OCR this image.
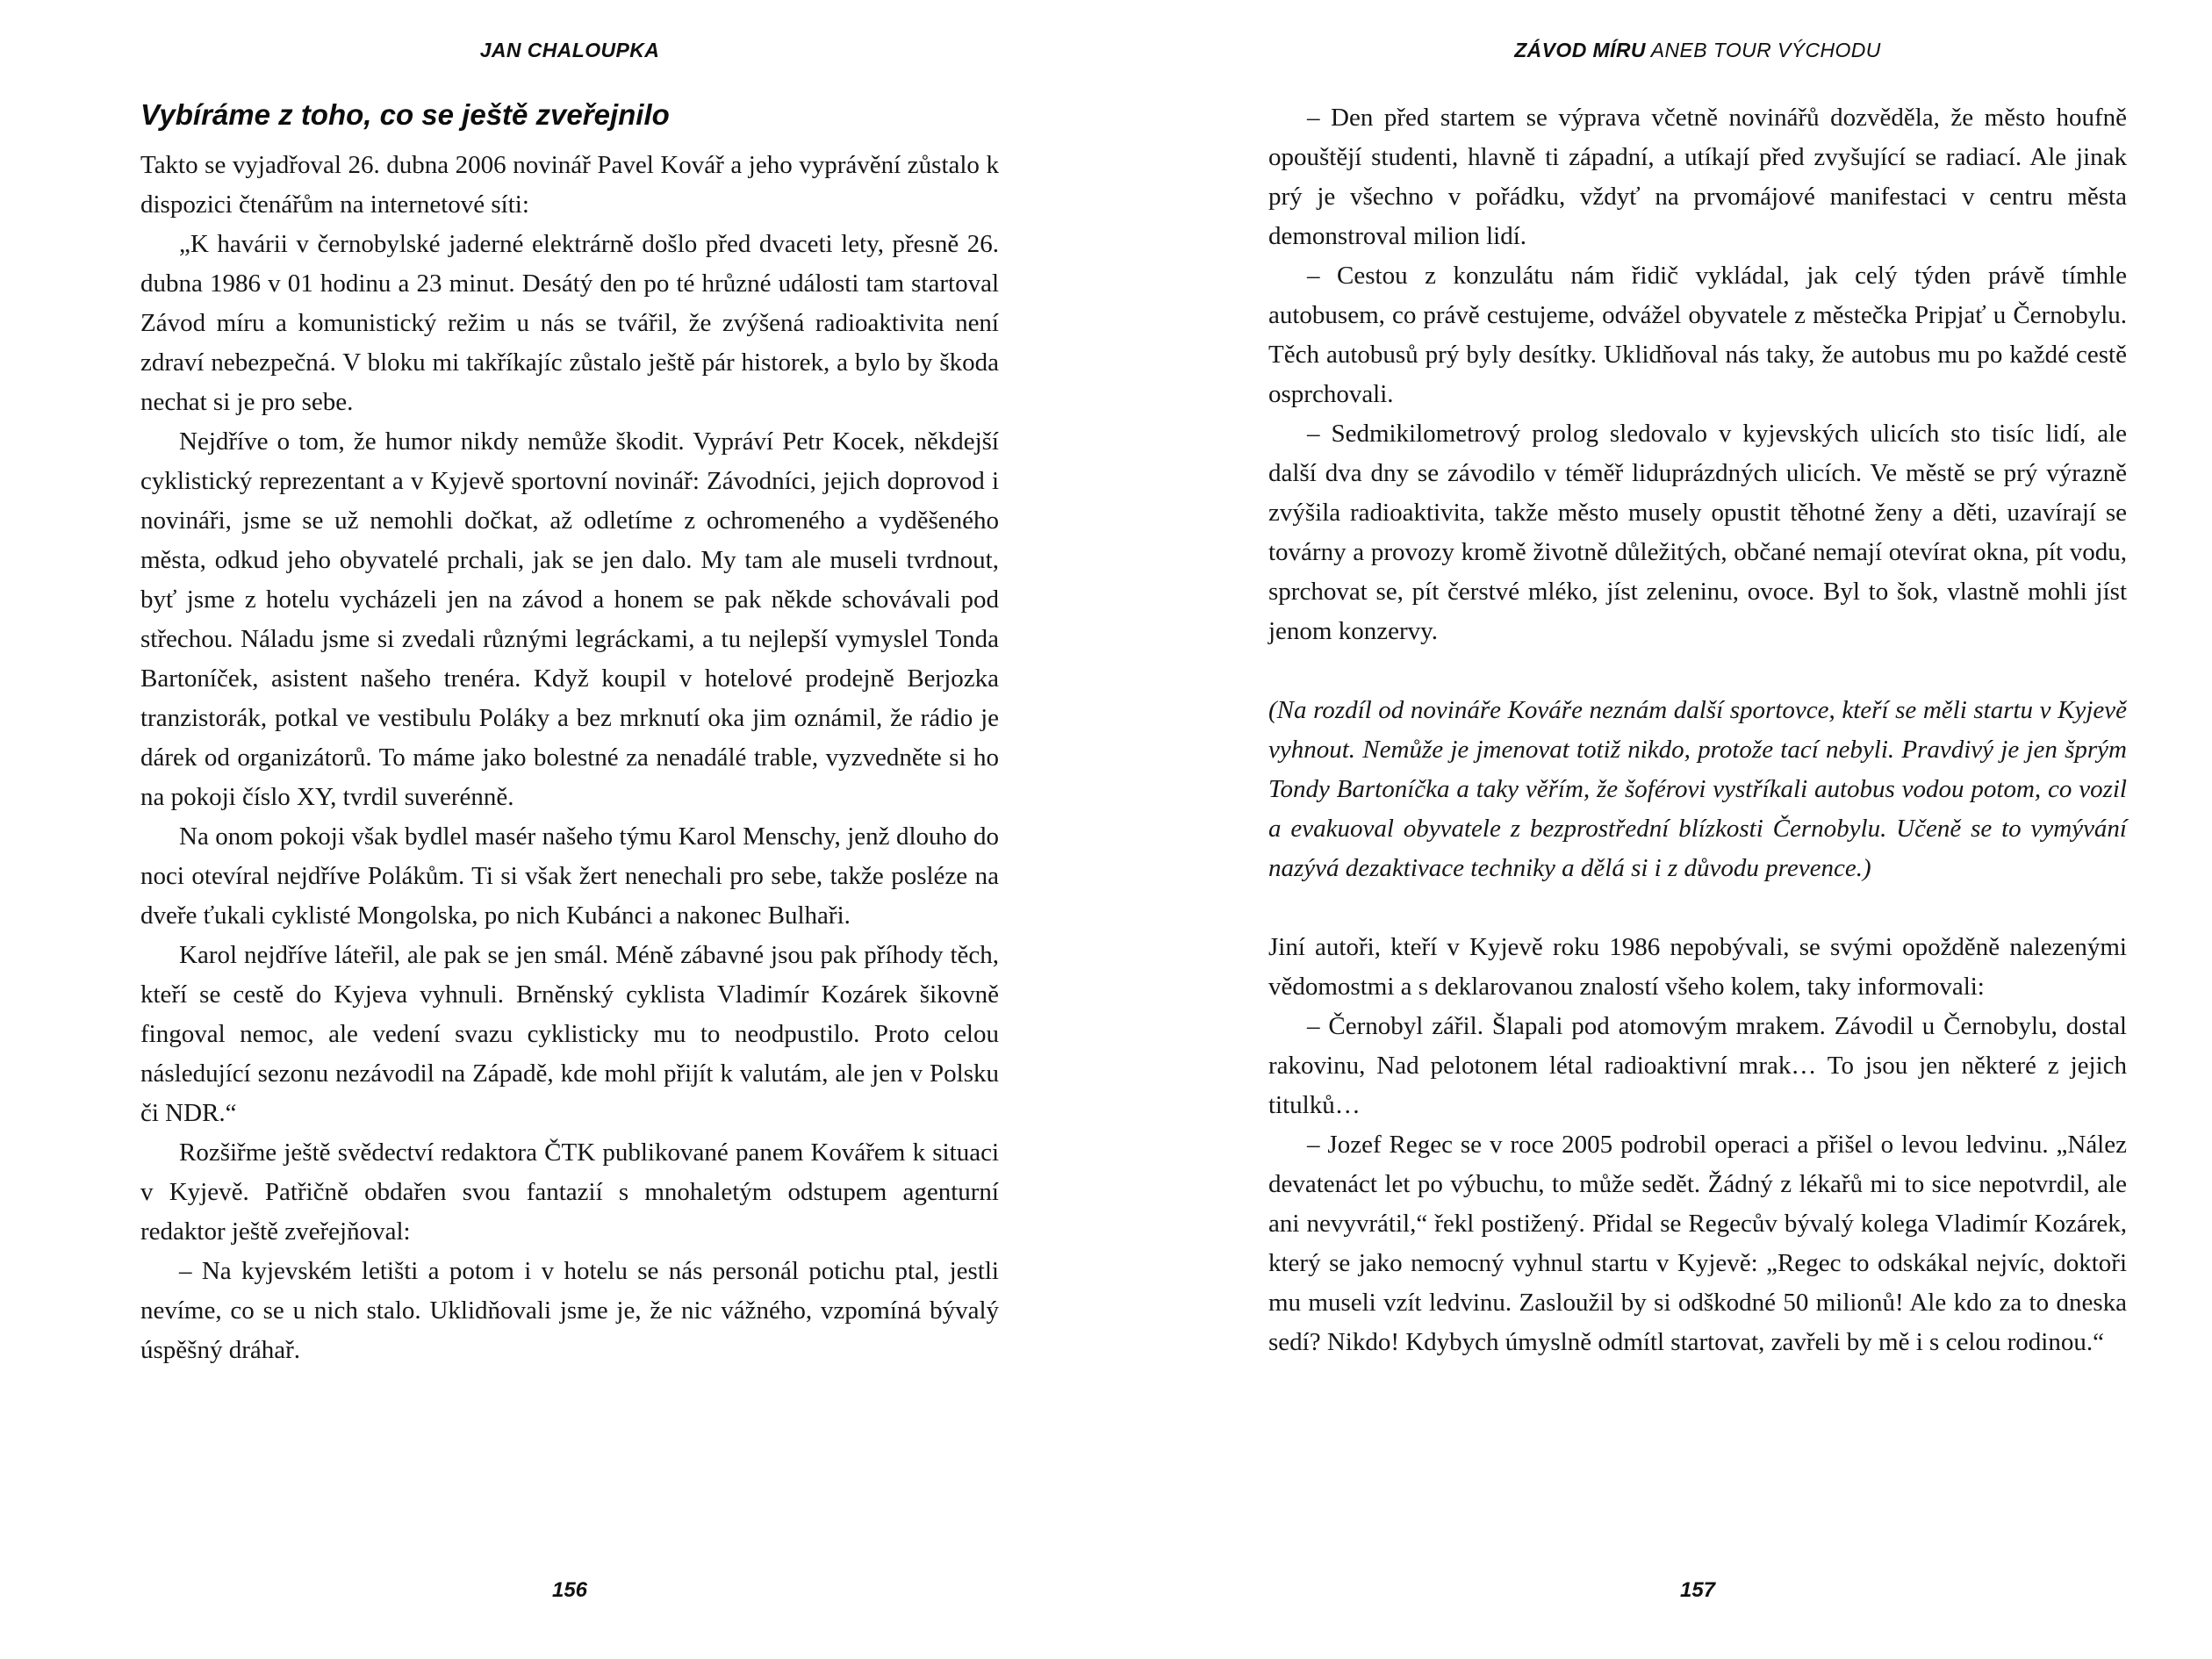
JAN CHALOUPKA
Vybíráme z toho, co se ještě zveřejnilo

Takto se vyjadřoval 26. dubna 2006 novinář Pavel Kovář a jeho vyprávění zůstalo k dispozici čtenářům na internetové síti:

„K havárii v černobylské jaderné elektrárně došlo před dvaceti lety, přesně 26. dubna 1986 v 01 hodinu a 23 minut. Desátý den po té hrůzné události tam startoval Závod míru a komunistický režim u nás se tvářil, že zvýšená radioaktivita není zdraví nebezpečná. V bloku mi takříkajíc zůstalo ještě pár historek, a bylo by škoda nechat si je pro sebe.

Nejdříve o tom, že humor nikdy nemůže škodit. Vypráví Petr Kocek, někdejší cyklistický reprezentant a v Kyjevě sportovní novinář: Závodníci, jejich doprovod i novináři, jsme se už nemohli dočkat, až odletíme z ochromeného a vyděšeného města, odkud jeho obyvatelé prchali, jak se jen dalo. My tam ale museli tvrdnout, byť jsme z hotelu vycházeli jen na závod a honem se pak někde schovávali pod střechou. Náladu jsme si zvedali různými legráckami, a tu nejlepší vymyslel Tonda Bartoníček, asistent našeho trenéra. Když koupil v hotelové prodejně Berjozka tranzistorák, potkal ve vestibulu Poláky a bez mrknutí oka jim oznámil, že rádio je dárek od organizátorů. To máme jako bolestné za nenadálé trable, vyzvedněte si ho na pokoji číslo XY, tvrdil suverénně.

Na onom pokoji však bydlel masér našeho týmu Karol Menschy, jenž dlouho do noci otevíral nejdříve Polákům. Ti si však žert nenechali pro sebe, takže posléze na dveře ťukali cyklisté Mongolska, po nich Kubánci a nakonec Bulhaři.

Karol nejdříve láteřil, ale pak se jen smál. Méně zábavné jsou pak příhody těch, kteří se cestě do Kyjeva vyhnuli. Brněnský cyklista Vladimír Kozárek šikovně fingoval nemoc, ale vedení svazu cyklisticky mu to neodpustilo. Proto celou následující sezonu nezávodil na Západě, kde mohl přijít k valutám, ale jen v Polsku či NDR.“

Rozšiřme ještě svědectví redaktora ČTK publikované panem Kovářem k situaci v Kyjevě. Patřičně obdařen svou fantazií s mnohaletým odstupem agenturní redaktor ještě zveřejňoval:

– Na kyjevském letišti a potom i v hotelu se nás personál potichu ptal, jestli nevíme, co se u nich stalo. Uklidňovali jsme je, že nic vážného, vzpomíná bývalý úspěšný dráhař.

156
ZÁVOD MÍRU ANEB TOUR VÝCHODU

– Den před startem se výprava včetně novinářů dozvěděla, že město houfně opouštějí studenti, hlavně ti západní, a utíkají před zvyšující se radiací. Ale jinak prý je všechno v pořádku, vždyť na prvomájové manifestaci v centru města demonstroval milion lidí.

– Cestou z konzulátu nám řidič vykládal, jak celý týden právě tímhle autobusem, co právě cestujeme, odvážel obyvatele z městečka Pripjať u Černobylu. Těch autobusů prý byly desítky. Uklidňoval nás taky, že autobus mu po každé cestě osprchovali.

– Sedmikilometrový prolog sledovalo v kyjevských ulicích sto tisíc lidí, ale další dva dny se závodilo v téměř liduprázdných ulicích. Ve městě se prý výrazně zvýšila radioaktivita, takže město musely opustit těhotné ženy a děti, uzavírají se továrny a provozy kromě životně důležitých, občané nemají otevírat okna, pít vodu, sprchovat se, pít čerstvé mléko, jíst zeleninu, ovoce. Byl to šok, vlastně mohli jíst jenom konzervy.

(Na rozdíl od novináře Kováře neznám další sportovce, kteří se měli startu v Kyjevě vyhnout. Nemůže je jmenovat totiž nikdo, protože tací nebyli. Pravdivý je jen šprým Tondy Bartoníčka a taky věřím, že šoférovi vystříkali autobus vodou potom, co vozil a evakuoval obyvatele z bezprostřední blízkosti Černobylu. Učeně se to vymývání nazývá dezaktivace techniky a dělá si i z důvodu prevence.)

Jiní autoři, kteří v Kyjevě roku 1986 nepobývali, se svými opožděně nalezenými vědomostmi a s deklarovanou znalostí všeho kolem, taky informovali:

– Černobyl zářil. Šlapali pod atomovým mrakem. Závodil u Černobylu, dostal rakovinu, Nad pelotonem létal radioaktivní mrak… To jsou jen některé z jejich titulků…

– Jozef Regec se v roce 2005 podrobil operaci a přišel o levou ledvinu. „Nález devatenáct let po výbuchu, to může sedět. Žádný z lékařů mi to sice nepotvrdil, ale ani nevyvrátil,“ řekl postižený. Přidal se Regecův bývalý kolega Vladimír Kozárek, který se jako nemocný vyhnul startu v Kyjevě: „Regec to odskákal nejvíc, doktoři mu museli vzít ledvinu. Zasloužil by si odškodné 50 milionů! Ale kdo za to dneska sedí? Nikdo! Kdybych úmyslně odmítl startovat, zavřeli by mě i s celou rodinou.“

157
